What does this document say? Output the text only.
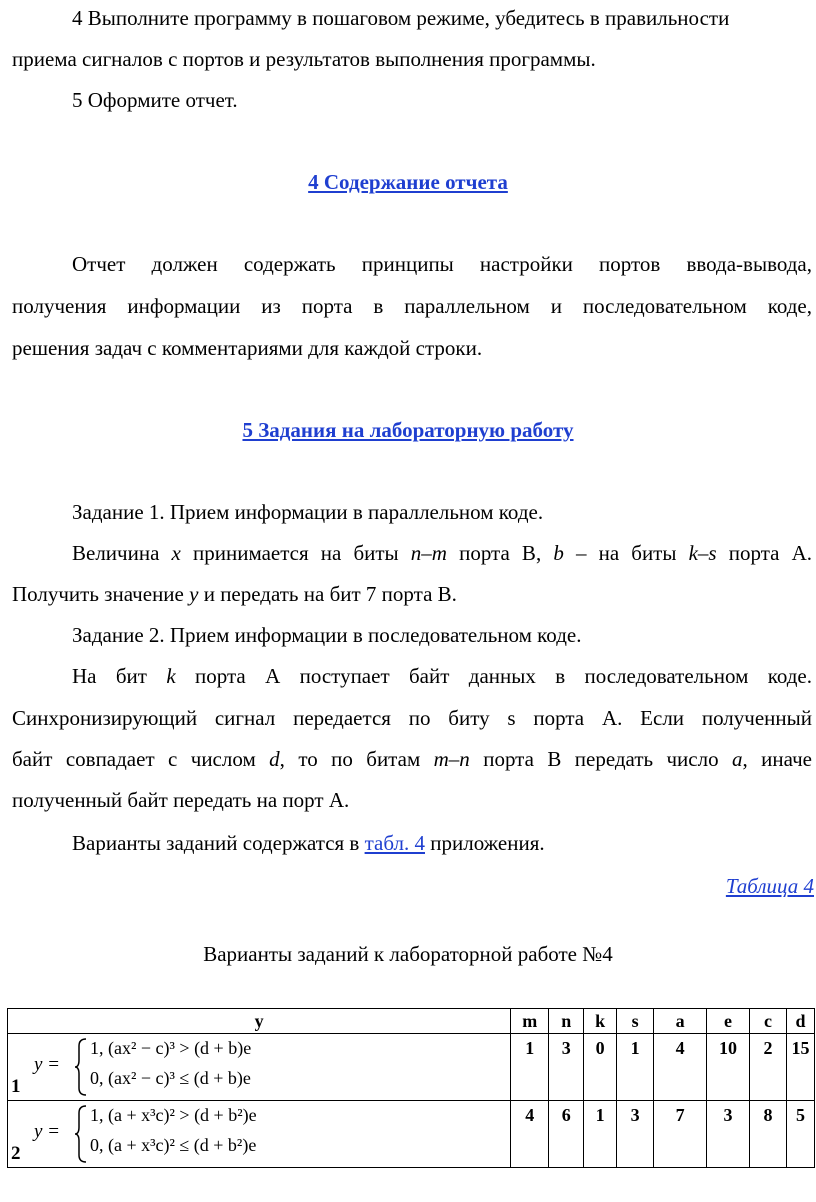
4 Выполните программу в пошаговом режиме, убедитесь в правильности
приема сигналов с портов и результатов выполнения программы.
5 Оформите отчет.
4 Содержание отчета
Отчет должен содержать принципы настройки портов ввода-вывода,
получения информации из порта в параллельном и последовательном коде,
решения задач с комментариями для каждой строки.
5 Задания на лабораторную работу
Задание 1. Прием информации в параллельном коде.
Величина x принимается на биты n–m порта В, b – на биты k–s порта А.
Получить значение y и передать на бит 7 порта В.
Задание 2. Прием информации в последовательном коде.
На бит k порта А поступает байт данных в последовательном коде.
Синхронизирующий сигнал передается по биту s порта А. Если полученный
байт совпадает с числом d, то по битам m–n порта В передать число a, иначе
полученный байт передать на порт А.
Варианты заданий содержатся в табл. 4 приложения.
Таблица 4
Варианты заданий к лабораторной работе №4
y	m	n	k	s	a	e	c	d

y =
1, (ax² − c)³ > (d + b)e
0, (ax² − c)³ ≤ (d + b)e
1	1	3	0	1	4	10	2	15

y =
1, (a + x³c)² > (d + b²)e
0, (a + x³c)² ≤ (d + b²)e
2	4	6	1	3	7	3	8	5
